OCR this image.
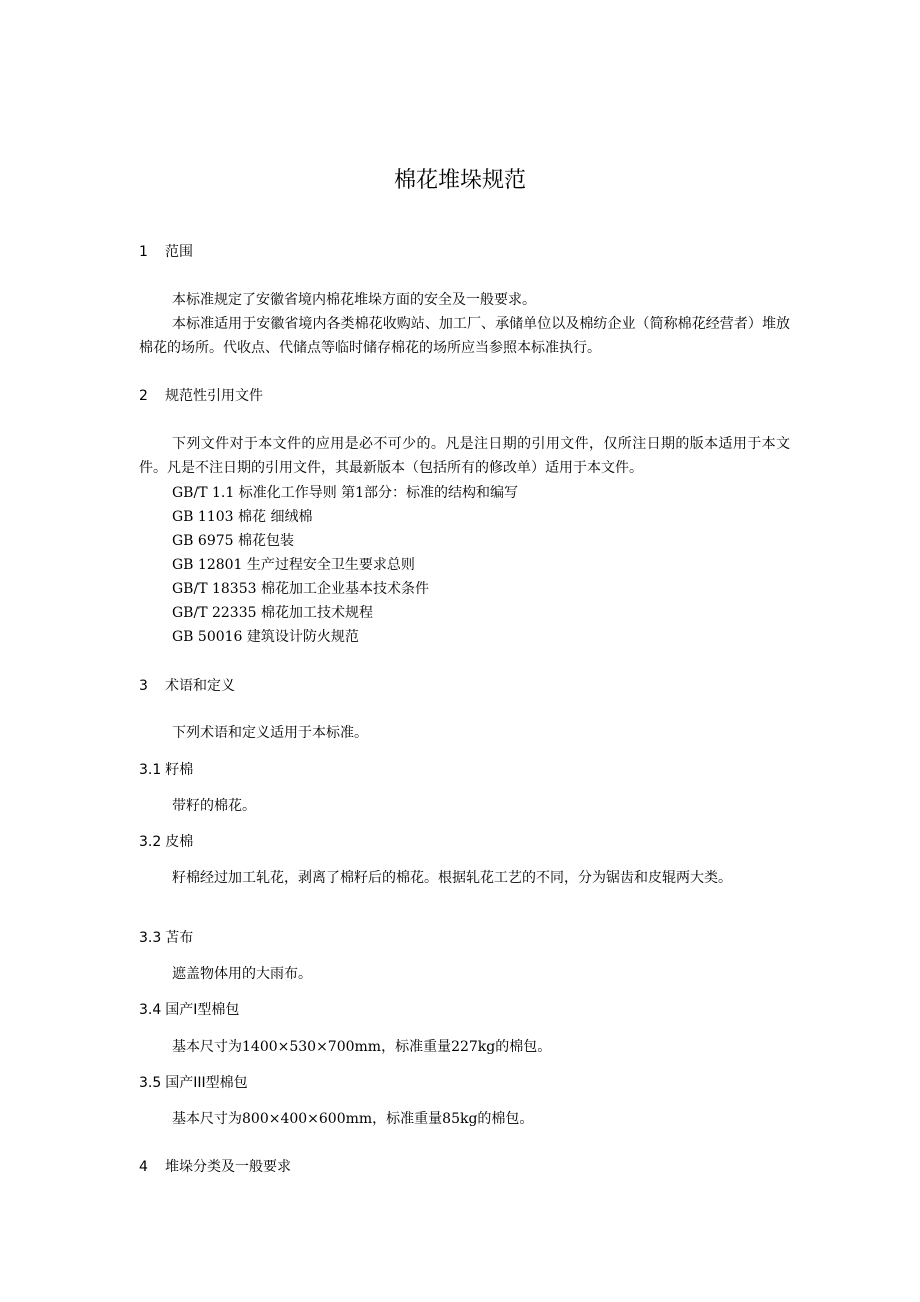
棉花堆垛规范
1 范围
本标准规定了安徽省境内棉花堆垛方面的安全及一般要求。
本标准适用于安徽省境内各类棉花收购站、加工厂、承储单位以及棉纺企业（简称棉花经营者）堆放棉花的场所。代收点、代储点等临时储存棉花的场所应当参照本标准执行。
2 规范性引用文件
下列文件对于本文件的应用是必不可少的。凡是注日期的引用文件，仅所注日期的版本适用于本文件。凡是不注日期的引用文件，其最新版本（包括所有的修改单）适用于本文件。
GB/T 1.1 标准化工作导则 第1部分：标准的结构和编写
GB 1103 棉花 细绒棉
GB 6975 棉花包装
GB 12801 生产过程安全卫生要求总则
GB/T 18353 棉花加工企业基本技术条件
GB/T 22335 棉花加工技术规程
GB 50016 建筑设计防火规范
3 术语和定义
下列术语和定义适用于本标准。
3.1 籽棉
带籽的棉花。
3.2 皮棉
籽棉经过加工轧花，剥离了棉籽后的棉花。根据轧花工艺的不同，分为锯齿和皮辊两大类。
3.3 苫布
遮盖物体用的大雨布。
3.4 国产I型棉包
基本尺寸为1400×530×700mm，标准重量227kg的棉包。
3.5 国产III型棉包
基本尺寸为800×400×600mm，标准重量85kg的棉包。
4 堆垛分类及一般要求
